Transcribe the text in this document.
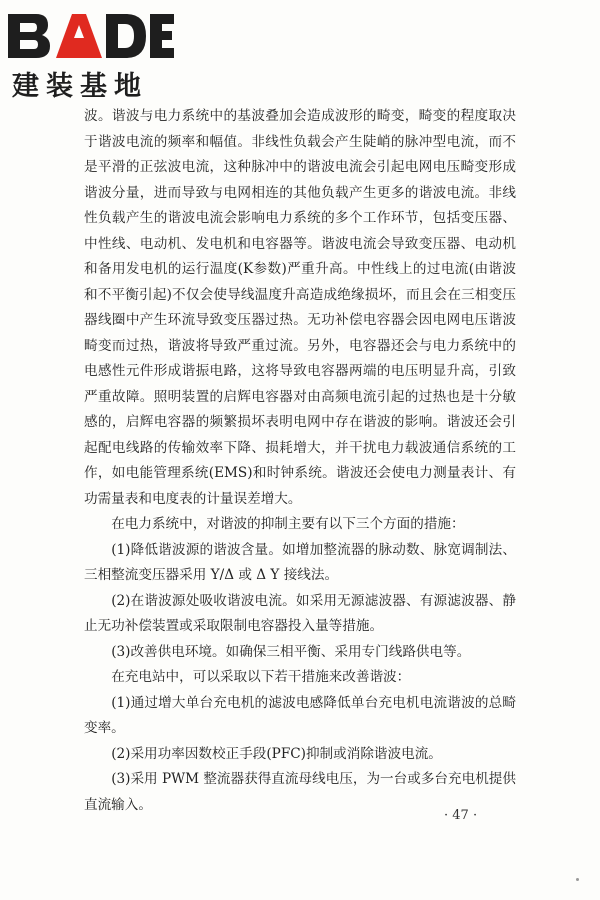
建装基地

波。谐波与电力系统中的基波叠加会造成波形的畸变，畸变的程度取决于谐波电流的频率和幅值。非线性负载会产生陡峭的脉冲型电流，而不是平滑的正弦波电流，这种脉冲中的谐波电流会引起电网电压畸变形成谐波分量，进而导致与电网相连的其他负载产生更多的谐波电流。非线性负载产生的谐波电流会影响电力系统的多个工作环节，包括变压器、中性线、电动机、发电机和电容器等。谐波电流会导致变压器、电动机和备用发电机的运行温度(K参数)严重升高。中性线上的过电流(由谐波和不平衡引起)不仅会使导线温度升高造成绝缘损坏，而且会在三相变压器线圈中产生环流导致变压器过热。无功补偿电容器会因电网电压谐波畸变而过热，谐波将导致严重过流。另外，电容器还会与电力系统中的电感性元件形成谐振电路，这将导致电容器两端的电压明显升高，引致严重故障。照明装置的启辉电容器对由高频电流引起的过热也是十分敏感的，启辉电容器的频繁损坏表明电网中存在谐波的影响。谐波还会引起配电线路的传输效率下降、损耗增大，并干扰电力载波通信系统的工作，如电能管理系统(EMS)和时钟系统。谐波还会使电力测量表计、有功需量表和电度表的计量误差增大。

在电力系统中，对谐波的抑制主要有以下三个方面的措施：

(1)降低谐波源的谐波含量。如增加整流器的脉动数、脉宽调制法、三相整流变压器采用 Y/Δ 或 Δ Y 接线法。

(2)在谐波源处吸收谐波电流。如采用无源滤波器、有源滤波器、静止无功补偿装置或采取限制电容器投入量等措施。

(3)改善供电环境。如确保三相平衡、采用专门线路供电等。

在充电站中，可以采取以下若干措施来改善谐波：

(1)通过增大单台充电机的滤波电感降低单台充电机电流谐波的总畸变率。

(2)采用功率因数校正手段(PFC)抑制或消除谐波电流。

(3)采用 PWM 整流器获得直流母线电压，为一台或多台充电机提供直流输入。

· 47 ·
